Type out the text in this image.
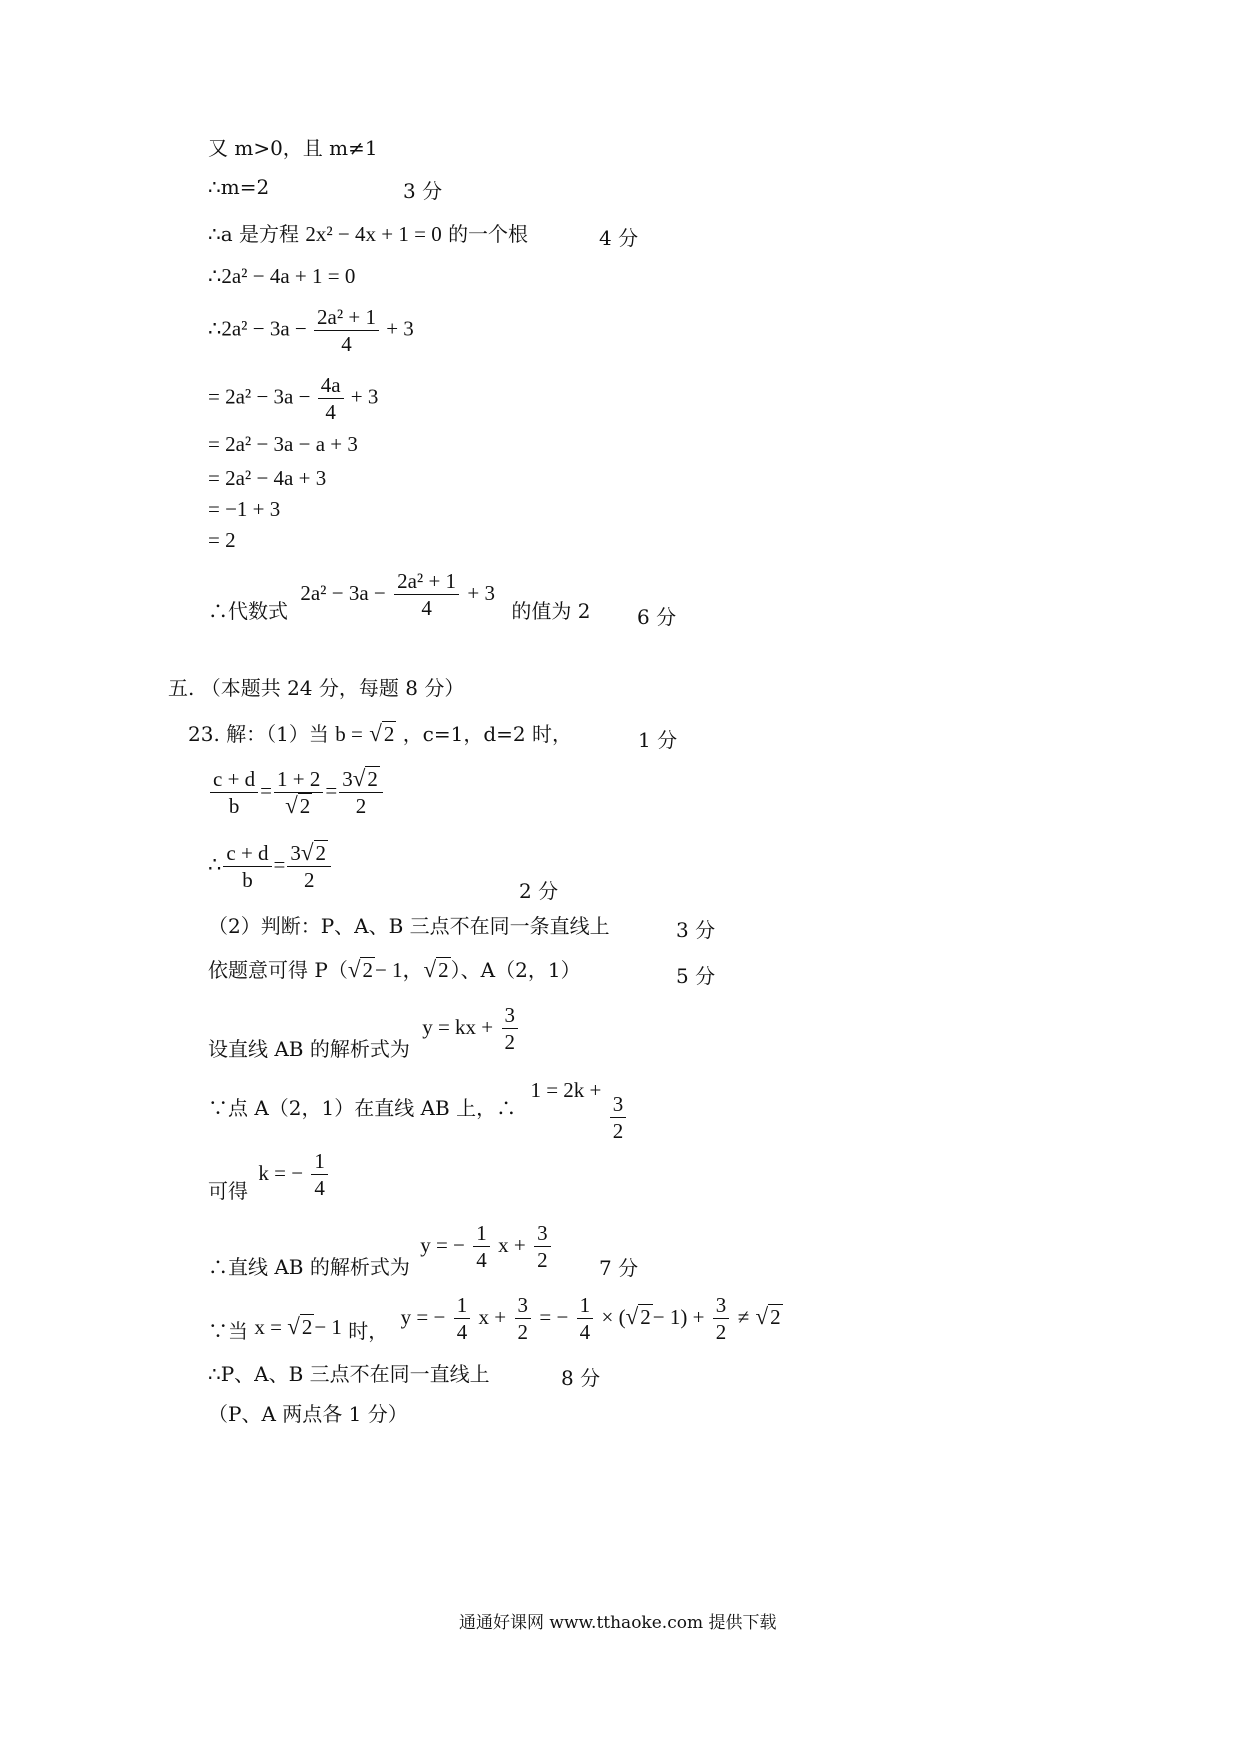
又 m>0，且 m≠1
∴m=2	3 分
∴a 是方程 2x² − 4x + 1 = 0 的一个根	4 分
∴2a² − 4a + 1 = 0
∴2a² − $3a - \frac{\text{2a² + 1}}{4} + 3$
= $2a^2 - 3a - \frac{4a}{4} + 3$
= 2a² − 3a − a + 3
= 2a² − 4a + 3
= −1 + 3
= 2
∴代数式 $2a^2 - 3a - \frac{\text{2a² + 1}}{4} + 3$ 的值为 2 6 分
五. （本题共 24 分，每题 8 分）
23. 解：（1）当 b = √2 ，c=1，d=2 时，	1 分
$\frac{c + d}{b} = \frac{1 + 2}{√2} = \frac{3√2}{2}$
∴ $\frac{c + d}{b} = \frac{3√2}{2}$	2 分
（2）判断：P、A、B 三点不在同一条直线上	3 分
依题意可得 P（√2− 1，√2 ）、A（2，1）	5 分
设直线 AB 的解析式为 y = kx + $\frac{3}{2}$
∵点 A（2，1）在直线 AB 上，∴ 1 = 2k +
$\frac{3}{2}$
可得 k = − $\frac{1}{4}$
∴直线 AB 的解析式为 y = − $\frac{1}{4}$ $x + \frac{3}{2} 7$ 分
∵当 x = √2− 1 时， y = − $\frac{1}{4}$ $x + \frac{3}{2}$ = − $\frac{1}{4} \times (√2- 1) + \frac{3}{2} \ne √2$
∴P、A、B 三点不在同一直线上	8 分
（P、A 两点各 1 分）
通通好课网 www.tthaoke.com 提供下载
